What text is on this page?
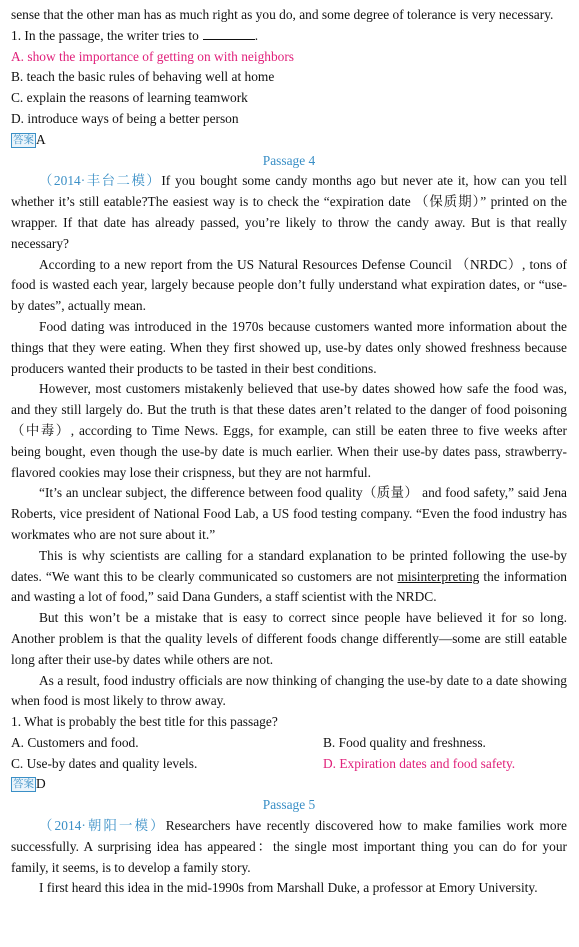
sense that the other man has as much right as you do, and some degree of tolerance is very necessary.

1. In the passage, the writer tries to	.

A. show the importance of getting on with neighbors

B. teach the basic rules of behaving well at home

C. explain the reasons of learning teamwork

D. introduce ways of being a better person

答案 A

Passage 4

（2014·丰台二模）If you bought some candy months ago but never ate it, how can you tell whether it’s still eatable?The easiest way is to check the “expiration date （保质期）” printed on the wrapper. If that date has already passed, you’re likely to throw the candy away. But is that really necessary?

According to a new report from the US Natural Resources Defense Council （NRDC）, tons of food is wasted each year, largely because people don’t fully understand what expiration dates, or “use-by dates”, actually mean.

Food dating was introduced in the 1970s because customers wanted more information about the things that they were eating. When they first showed up, use-by dates only showed freshness because producers wanted their products to be tasted in their best conditions.

However, most customers mistakenly believed that use-by dates showed how safe the food was, and they still largely do. But the truth is that these dates aren’t related to the danger of food poisoning（中毒）, according to Time News. Eggs, for example, can still be eaten three to five weeks after being bought, even though the use-by date is much earlier. When their use-by dates pass, strawberry-flavored cookies may lose their crispness, but they are not harmful.

“It’s an unclear subject, the difference between food quality（质量） and food safety,” said Jena Roberts, vice president of National Food Lab, a US food testing company. “Even the food industry has workmates who are not sure about it.”

This is why scientists are calling for a standard explanation to be printed following the use-by dates. “We want this to be clearly communicated so customers are not misinterpreting the information and wasting a lot of food,” said Dana Gunders, a staff scientist with the NRDC.

But this won’t be a mistake that is easy to correct since people have believed it for so long. Another problem is that the quality levels of different foods change differently—some are still eatable long after their use-by dates while others are not.

As a result, food industry officials are now thinking of changing the use-by date to a date showing when food is most likely to throw away.

1. What is probably the best title for this passage?

A. Customers and food.	B. Food quality and freshness.
C. Use-by dates and quality levels.	D. Expiration dates and food safety.

答案 D

Passage 5

（2014·朝阳一模）Researchers have recently discovered how to make families work more successfully. A surprising idea has appeared：the single most important thing you can do for your family, it seems, is to develop a family story.

I first heard this idea in the mid-1990s from Marshall Duke, a professor at Emory University.
